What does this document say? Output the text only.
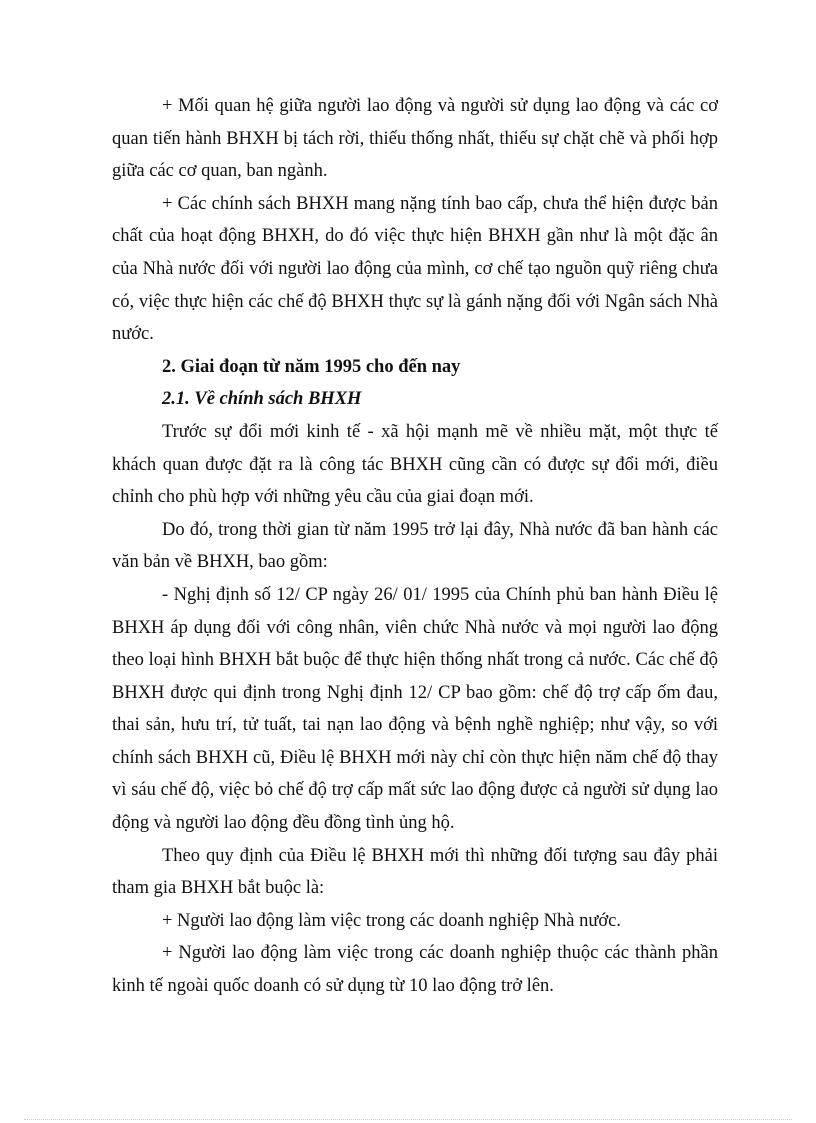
+ Mối quan hệ giữa người lao động và người sử dụng lao động và các cơ quan tiến hành BHXH bị tách rời, thiếu thống nhất, thiếu sự chặt chẽ và phối hợp giữa các cơ quan, ban ngành.

+ Các chính sách BHXH mang nặng tính bao cấp, chưa thể hiện được bản chất của hoạt động BHXH, do đó việc thực hiện BHXH gần như là một đặc ân của Nhà nước đối với người lao động của mình, cơ chế tạo nguồn quỹ riêng chưa có, việc thực hiện các chế độ BHXH thực sự là gánh nặng đối với Ngân sách Nhà nước.

2. Giai đoạn từ năm 1995 cho đến nay

2.1. Về chính sách BHXH

Trước sự đổi mới kinh tế - xã hội mạnh mẽ về nhiều mặt, một thực tế khách quan được đặt ra là công tác BHXH cũng cần có được sự đổi mới, điều chỉnh cho phù hợp với những yêu cầu của giai đoạn mới.

Do đó, trong thời gian từ năm 1995 trở lại đây, Nhà nước đã ban hành các văn bản về BHXH, bao gồm:

- Nghị định số 12/ CP ngày 26/ 01/ 1995 của Chính phủ ban hành Điều lệ BHXH áp dụng đối với công nhân, viên chức Nhà nước và mọi người lao động theo loại hình BHXH bắt buộc để thực hiện thống nhất trong cả nước. Các chế độ BHXH được qui định trong Nghị định 12/ CP bao gồm: chế độ trợ cấp ốm đau, thai sản, hưu trí, tử tuất, tai nạn lao động và bệnh nghề nghiệp; như vậy, so với chính sách BHXH cũ, Điều lệ BHXH mới này chỉ còn thực hiện năm chế độ thay vì sáu chế độ, việc bỏ chế độ trợ cấp mất sức lao động được cả người sử dụng lao động và người lao động đều đồng tình ủng hộ.

Theo quy định của Điều lệ BHXH mới thì những đối tượng sau đây phải tham gia BHXH bắt buộc là:

+ Người lao động làm việc trong các doanh nghiệp Nhà nước.

+ Người lao động làm việc trong các doanh nghiệp thuộc các thành phần kinh tế ngoài quốc doanh có sử dụng từ 10 lao động trở lên.
